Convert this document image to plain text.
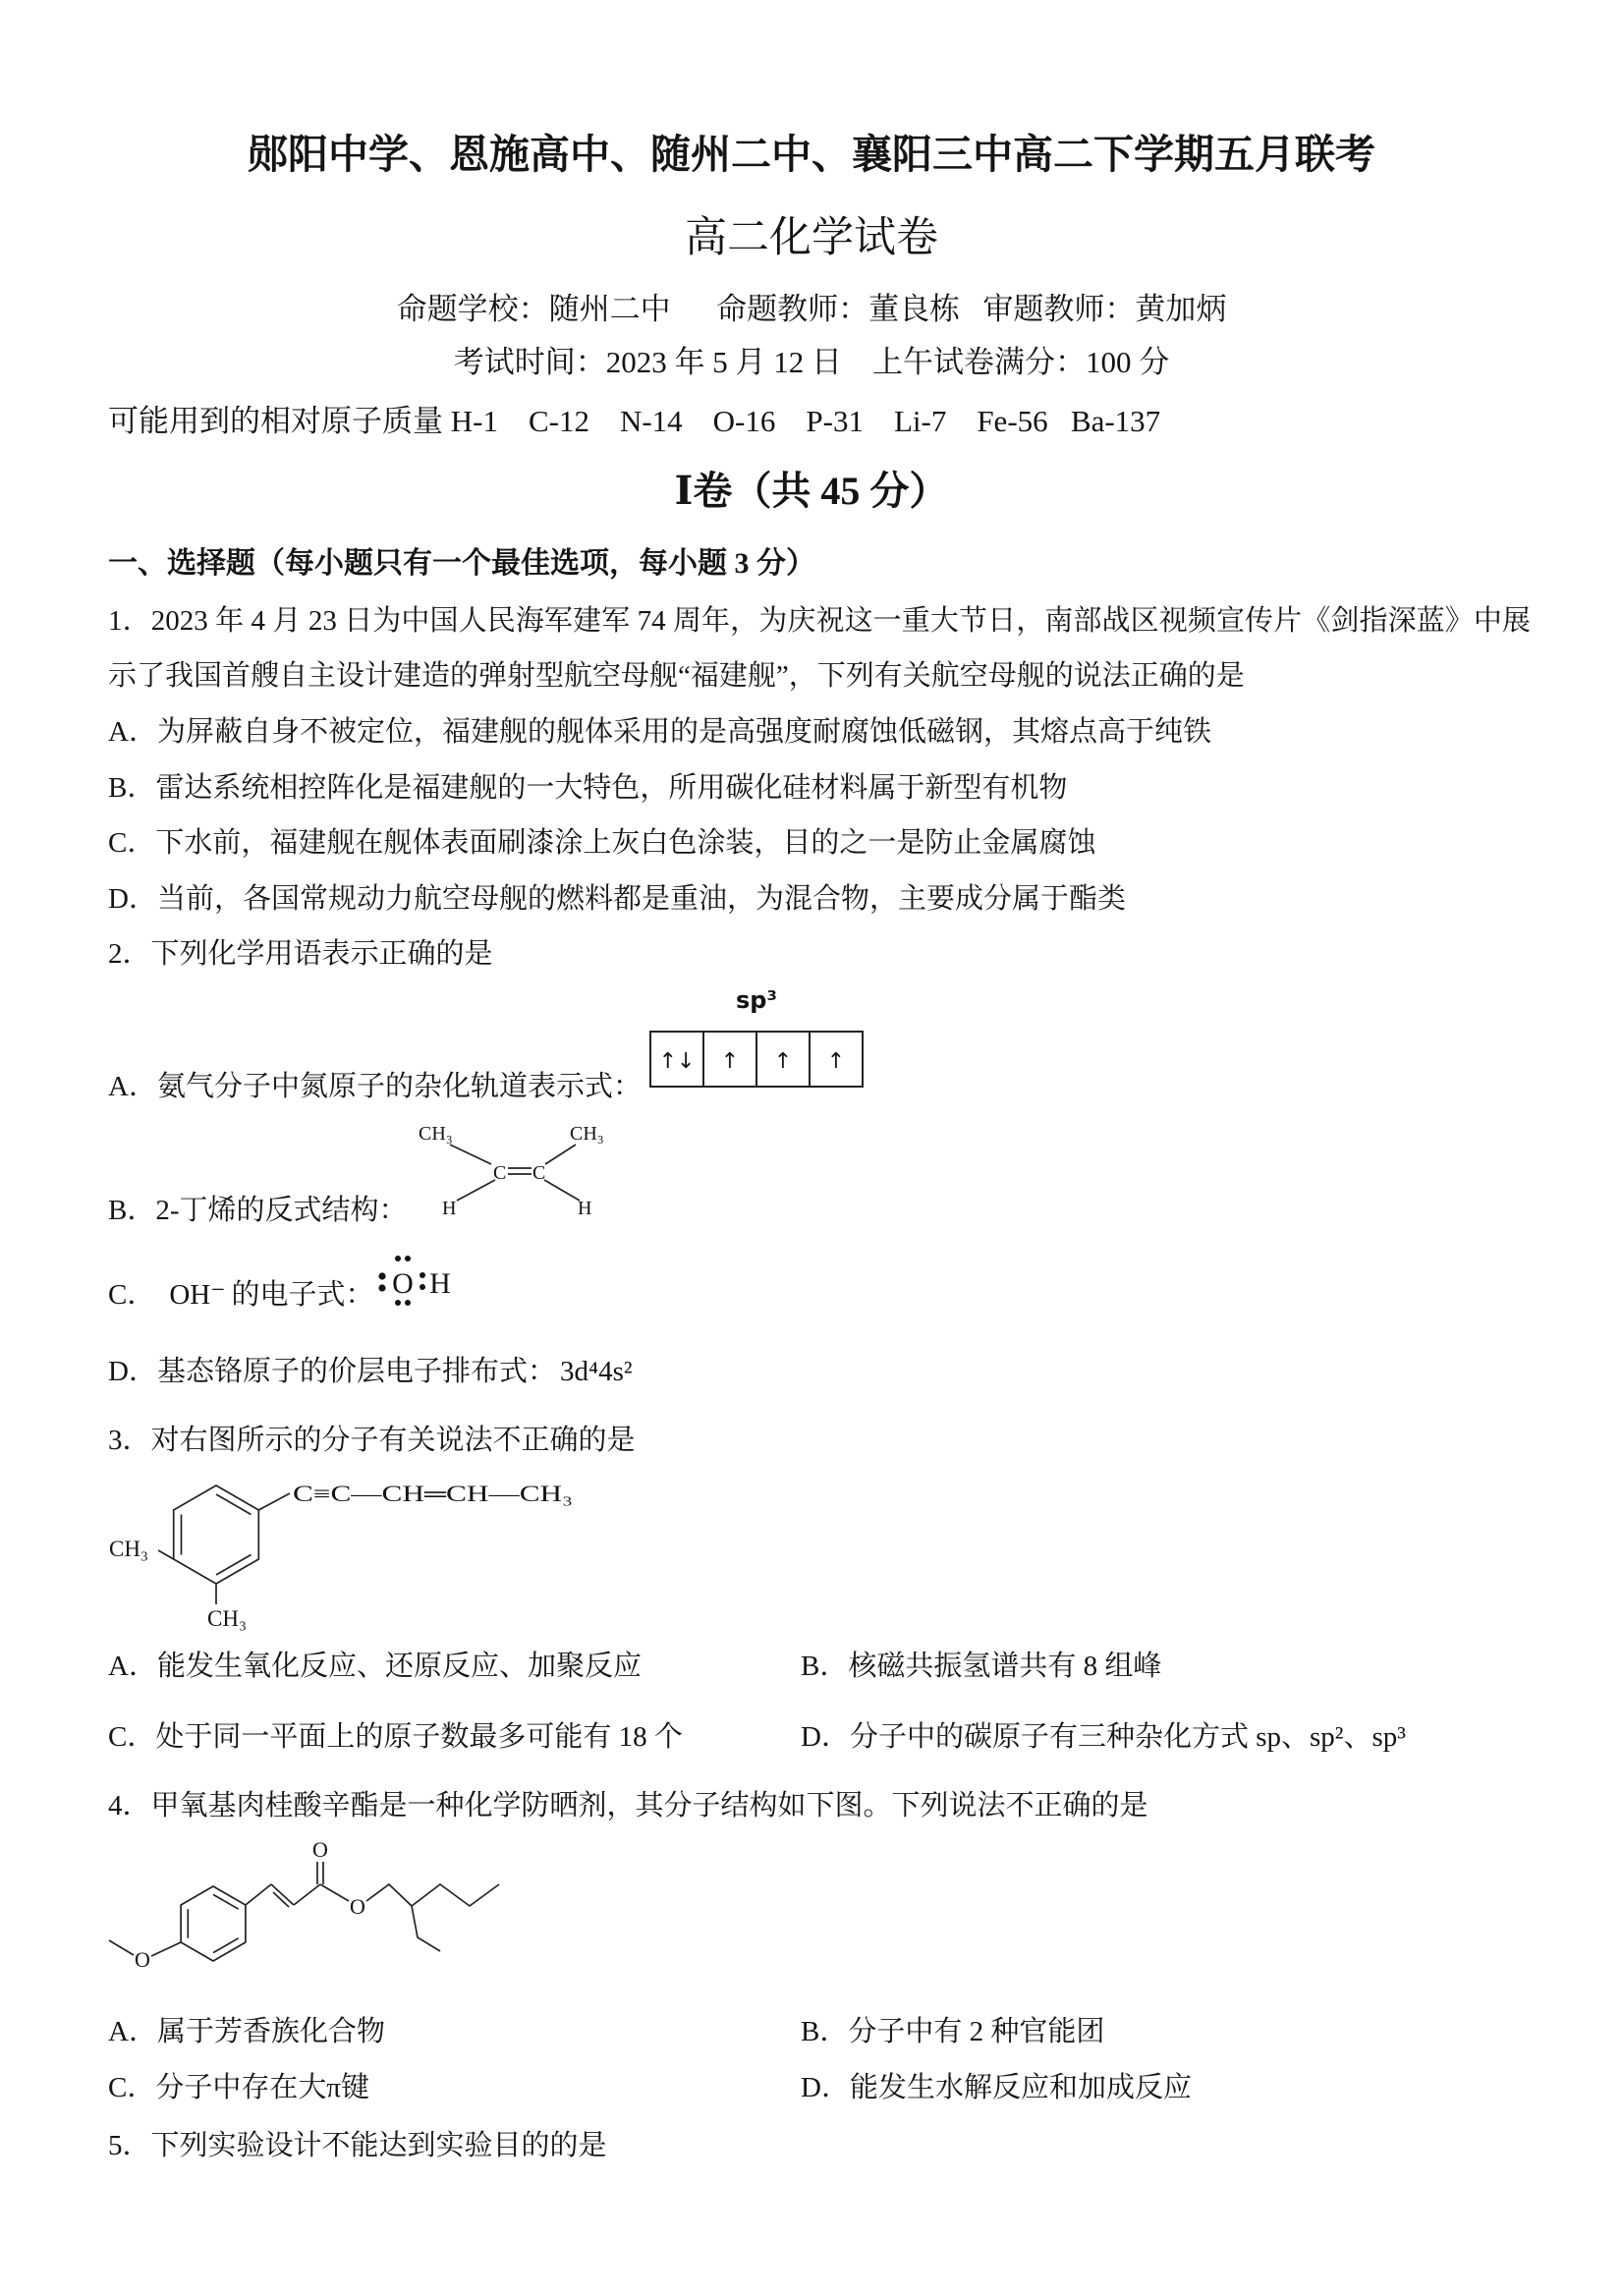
郧阳中学、恩施高中、随州二中、襄阳三中高二下学期五月联考
高二化学试卷
命题学校：随州二中      命题教师：董良栋   审题教师：黄加炳
考试时间：2023 年 5 月 12 日    上午试卷满分：100 分
可能用到的相对原子质量 H-1    C-12    N-14    O-16    P-31    Li-7    Fe-56   Ba-137
Ⅰ卷（共 45 分）
一、选择题（每小题只有一个最佳选项，每小题 3 分）
1．2023 年 4 月 23 日为中国人民海军建军 74 周年，为庆祝这一重大节日，南部战区视频宣传片《剑指深蓝》中展
示了我国首艘自主设计建造的弹射型航空母舰“福建舰”，下列有关航空母舰的说法正确的是
A．为屏蔽自身不被定位，福建舰的舰体采用的是高强度耐腐蚀低磁钢，其熔点高于纯铁
B．雷达系统相控阵化是福建舰的一大特色，所用碳化硅材料属于新型有机物
C．下水前，福建舰在舰体表面刷漆涂上灰白色涂装，目的之一是防止金属腐蚀
D．当前，各国常规动力航空母舰的燃料都是重油，为混合物，主要成分属于酯类
2．下列化学用语表示正确的是
sp³
↑↓ ↑ ↑ ↑
A．氨气分子中氮原子的杂化轨道表示式：
CH₃	CH₃
C C
H	H
B．2-丁烯的反式结构：
O H
C． OH⁻ 的电子式：
D．基态铬原子的价层电子排布式： 3d⁴4s²
3．对右图所示的分子有关说法不正确的是
C≡C—CH═CH—CH₃
CH₃
CH₃
A．能发生氧化反应、还原反应、加聚反应	B．核磁共振氢谱共有 8 组峰
C．处于同一平面上的原子数最多可能有 18 个	D．分子中的碳原子有三种杂化方式 sp、sp²、sp³
4．甲氧基肉桂酸辛酯是一种化学防晒剂，其分子结构如下图。下列说法不正确的是
O
O
O
A．属于芳香族化合物	B．分子中有 2 种官能团
C．分子中存在大π键	D．能发生水解反应和加成反应
5．下列实验设计不能达到实验目的的是
